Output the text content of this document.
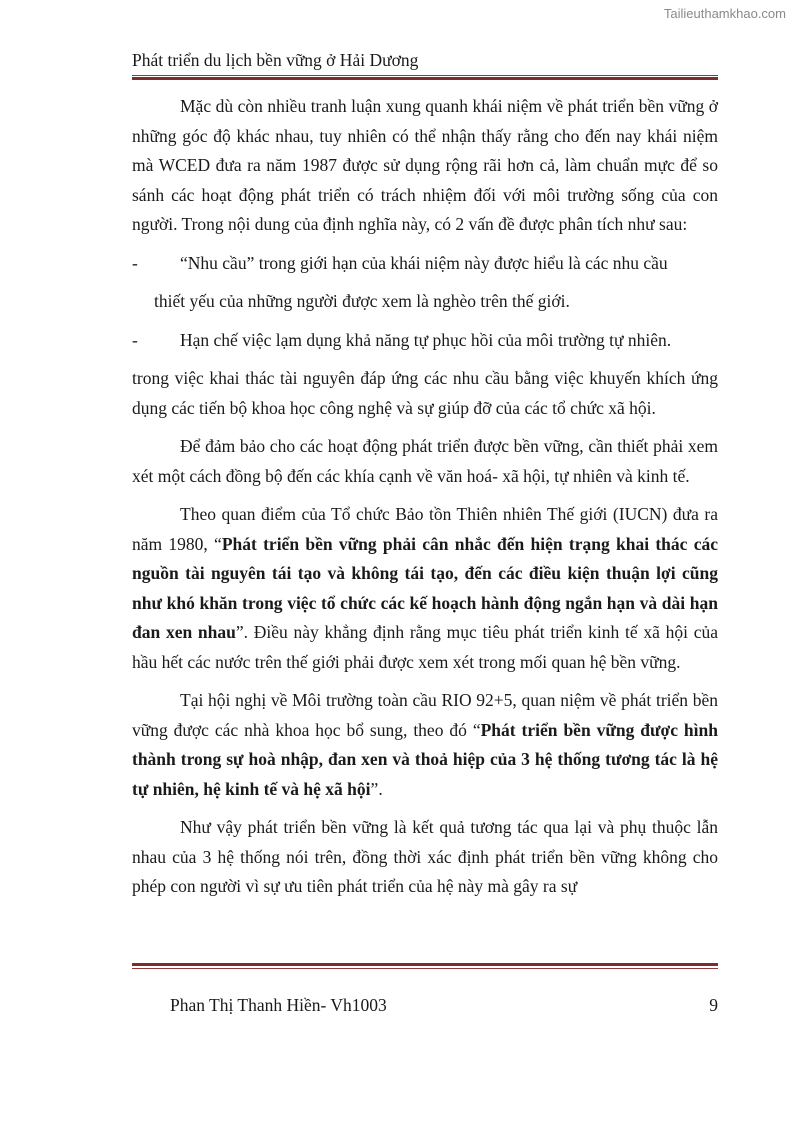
Tailieuthamkhao.com
Phát triển du lịch bền vững ở Hải Dương

Mặc dù còn nhiều tranh luận xung quanh khái niệm về phát triển bền vững ở những góc độ khác nhau, tuy nhiên có thể nhận thấy rằng cho đến nay khái niệm mà WCED đưa ra năm 1987 được sử dụng rộng rãi hơn cả, làm chuẩn mực để so sánh các hoạt động phát triển có trách nhiệm đối với môi trường sống của con người. Trong nội dung của định nghĩa này, có 2 vấn đề được phân tích như sau:

-	“Nhu cầu” trong giới hạn của khái niệm này được hiểu là các nhu cầu

thiết yếu của những người được xem là nghèo trên thế giới.

-	Hạn chế việc lạm dụng khả năng tự phục hồi của môi trường tự nhiên.

trong việc khai thác tài nguyên đáp ứng các nhu cầu bằng việc khuyến khích ứng dụng các tiến bộ khoa học công nghệ và sự giúp đỡ của các tổ chức xã hội.

Để đảm bảo cho các hoạt động phát triển được bền vững, cần thiết phải xem xét một cách đồng bộ đến các khía cạnh về văn hoá- xã hội, tự nhiên và kinh tế.

Theo quan điểm của Tổ chức Bảo tồn Thiên nhiên Thế giới (IUCN) đưa ra năm 1980, “Phát triển bền vững phải cân nhắc đến hiện trạng khai thác các nguồn tài nguyên tái tạo và không tái tạo, đến các điều kiện thuận lợi cũng như khó khăn trong việc tổ chức các kế hoạch hành động ngắn hạn và dài hạn đan xen nhau”. Điều này khẳng định rằng mục tiêu phát triển kinh tế xã hội của hầu hết các nước trên thế giới phải được xem xét trong mối quan hệ bền vững.

Tại hội nghị về Môi trường toàn cầu RIO 92+5, quan niệm về phát triển bền vững được các nhà khoa học bổ sung, theo đó “Phát triển bền vững được hình thành trong sự hoà nhập, đan xen và thoả hiệp của 3 hệ thống tương tác là hệ tự nhiên, hệ kinh tế và hệ xã hội”.

Như vậy phát triển bền vững là kết quả tương tác qua lại và phụ thuộc lẫn nhau của 3 hệ thống nói trên, đồng thời xác định phát triển bền vững không cho phép con người vì sự ưu tiên phát triển của hệ này mà gây ra sự

Phan Thị Thanh Hiền- Vh1003	9
